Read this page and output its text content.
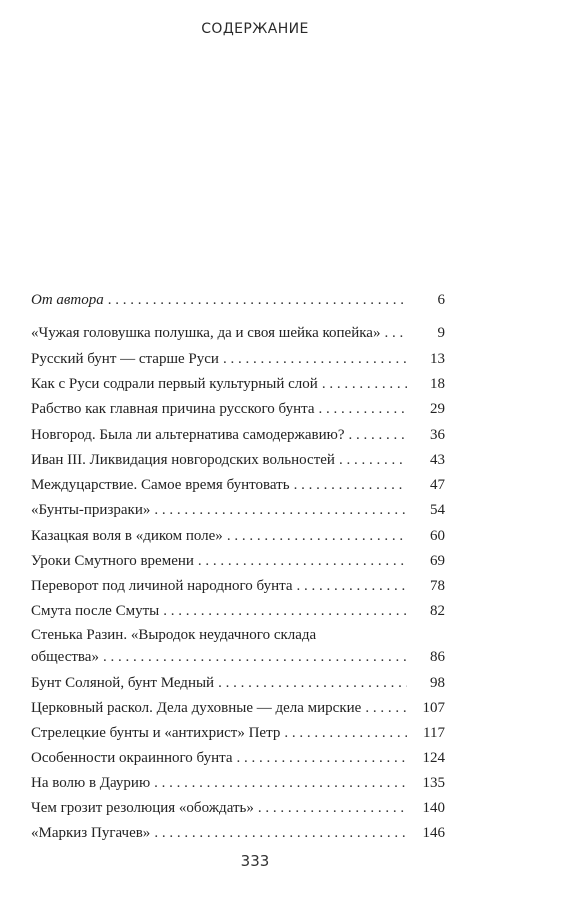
СОДЕРЖАНИЕ
От автора . . .	6
«Чужая головушка полушка, да и своя шейка копейка» . . .	9
Русский бунт — старше Руси . . .	13
Как с Руси содрали первый культурный слой . . .	18
Рабство как главная причина русского бунта . . .	29
Новгород. Была ли альтернатива самодержавию? . . .	36
Иван III. Ликвидация новгородских вольностей . . .	43
Междуцарствие. Самое время бунтовать . . .	47
«Бунты-призраки» . . .	54
Казацкая воля в «диком поле» . . .	60
Уроки Смутного времени . . .	69
Переворот под личиной народного бунта . . .	78
Смута после Смуты . . .	82
Стенька Разин. «Выродок неудачного склада
общества» . . .	86
Бунт Соляной, бунт Медный . . .	98
Церковный раскол. Дела духовные — дела мирские . . .	107
Стрелецкие бунты и «антихрист» Петр . . .	117
Особенности окраинного бунта . . .	124
На волю в Даурию . . .	135
Чем грозит резолюция «обождать» . . .	140
«Маркиз Пугачев» . . .	146
333
